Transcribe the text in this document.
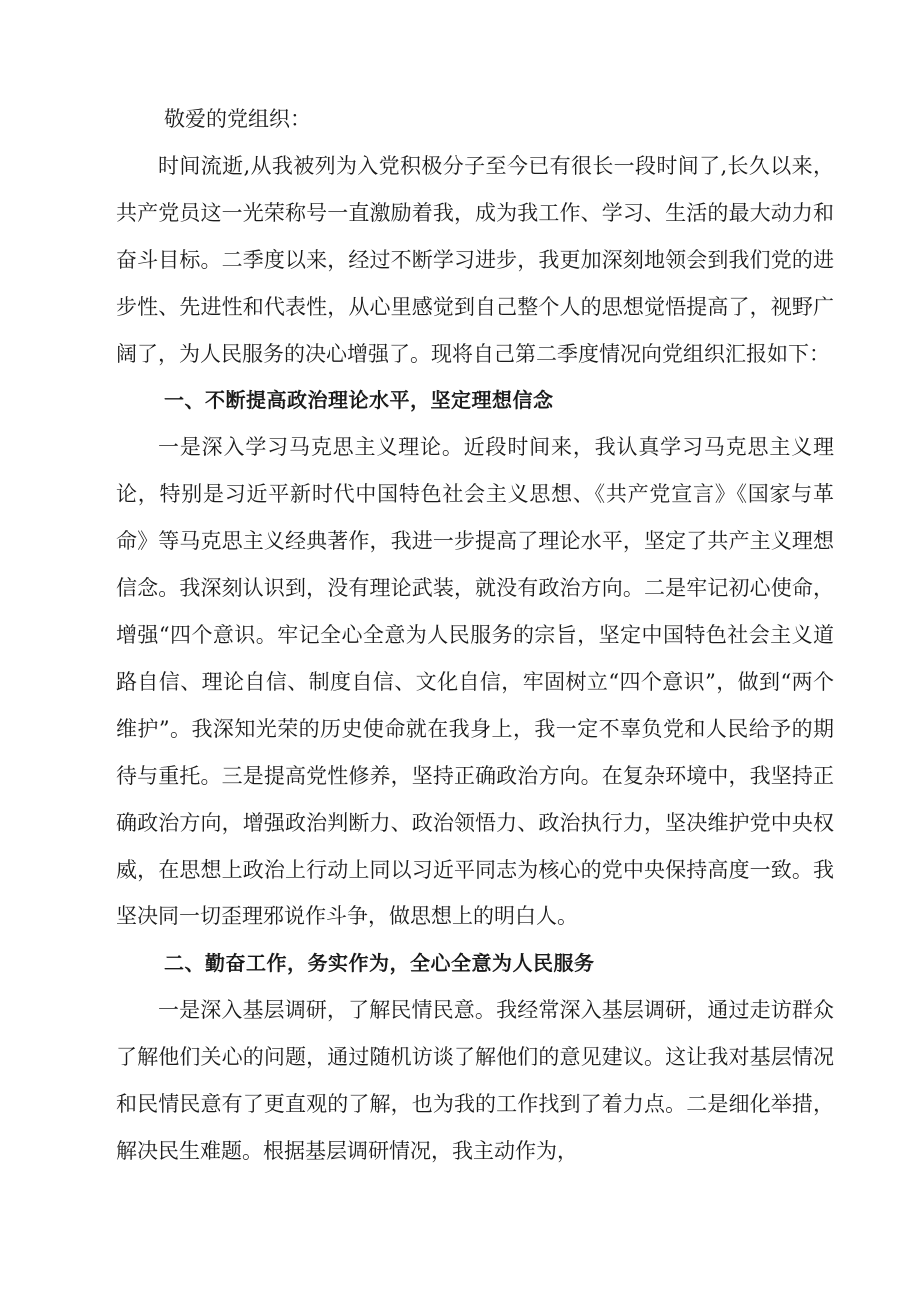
敬爱的党组织：

时间流逝,从我被列为入党积极分子至今已有很长一段时间了,长久以来，共产党员这一光荣称号一直激励着我，成为我工作、学习、生活的最大动力和奋斗目标。二季度以来，经过不断学习进步，我更加深刻地领会到我们党的进步性、先进性和代表性，从心里感觉到自己整个人的思想觉悟提高了，视野广阔了，为人民服务的决心增强了。现将自己第二季度情况向党组织汇报如下：

一、不断提高政治理论水平，坚定理想信念

一是深入学习马克思主义理论。近段时间来，我认真学习马克思主义理论，特别是习近平新时代中国特色社会主义思想、《共产党宣言》《国家与革命》等马克思主义经典著作，我进一步提高了理论水平，坚定了共产主义理想信念。我深刻认识到，没有理论武装，就没有政治方向。二是牢记初心使命，增强“四个意识。牢记全心全意为人民服务的宗旨，坚定中国特色社会主义道路自信、理论自信、制度自信、文化自信，牢固树立“四个意识”，做到“两个维护”。我深知光荣的历史使命就在我身上，我一定不辜负党和人民给予的期待与重托。三是提高党性修养，坚持正确政治方向。在复杂环境中，我坚持正确政治方向，增强政治判断力、政治领悟力、政治执行力，坚决维护党中央权威，在思想上政治上行动上同以习近平同志为核心的党中央保持高度一致。我坚决同一切歪理邪说作斗争，做思想上的明白人。

二、勤奋工作，务实作为，全心全意为人民服务

一是深入基层调研，了解民情民意。我经常深入基层调研，通过走访群众了解他们关心的问题，通过随机访谈了解他们的意见建议。这让我对基层情况和民情民意有了更直观的了解，也为我的工作找到了着力点。二是细化举措，解决民生难题。根据基层调研情况，我主动作为，
